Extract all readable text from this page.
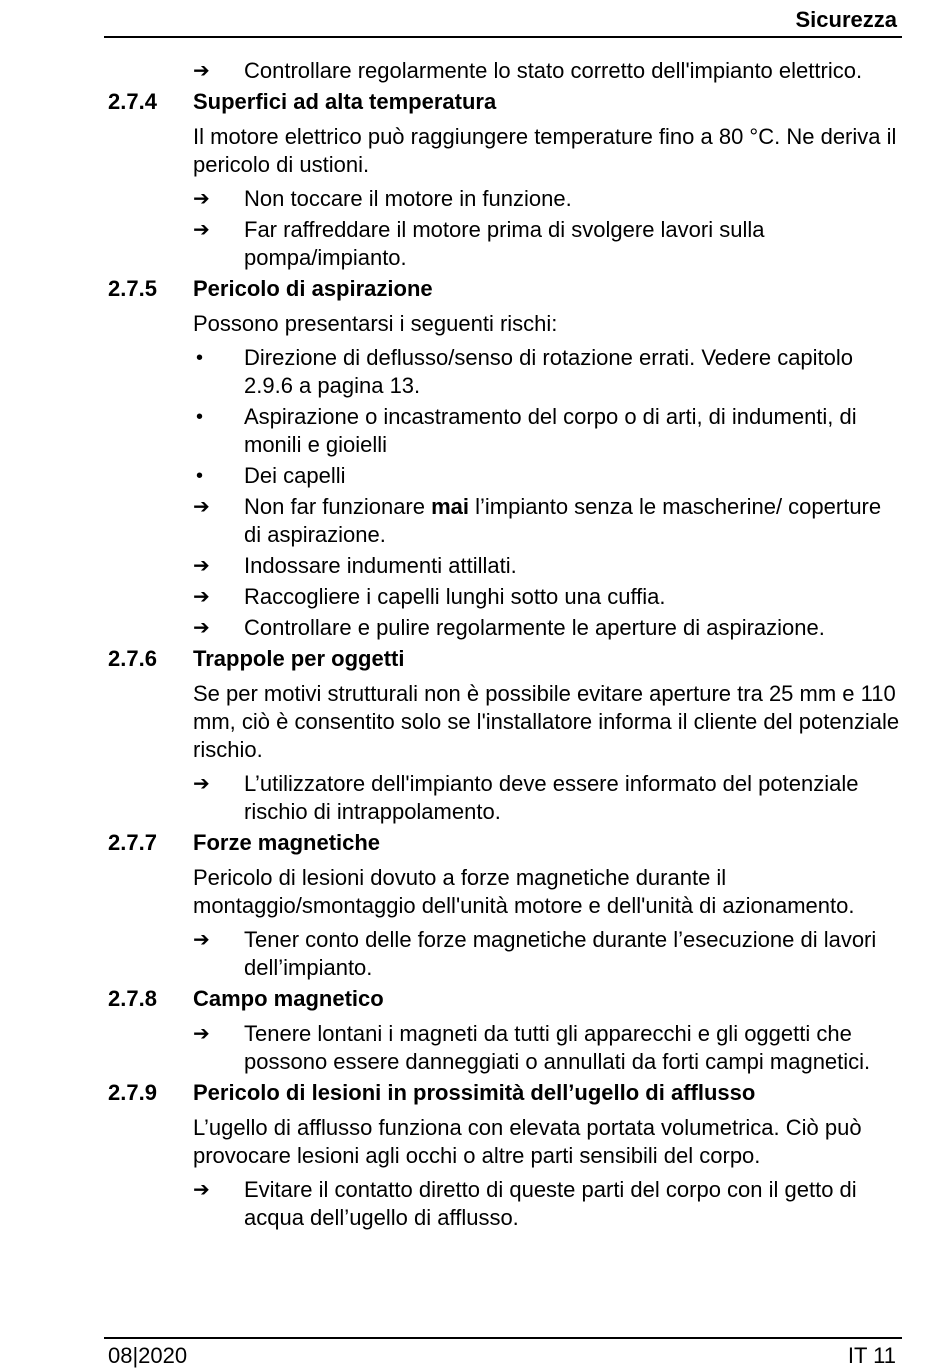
Sicurezza
➔	Controllare regolarmente lo stato corretto dell'impianto elettrico.
2.7.4 Superfici ad alta temperatura
Il motore elettrico può raggiungere temperature fino a 80 °C. Ne deriva il pericolo di ustioni.
➔	Non toccare il motore in funzione.
➔	Far raffreddare il motore prima di svolgere lavori sulla pompa/impianto.
2.7.5 Pericolo di aspirazione
Possono presentarsi i seguenti rischi:
•	Direzione di deflusso/senso di rotazione errati. Vedere capitolo 2.9.6 a pagina 13.
•	Aspirazione o incastramento del corpo o di arti, di indumenti, di monili e gioielli
•	Dei capelli
➔	Non far funzionare mai l’impianto senza le mascherine/ coperture di aspirazione.
➔	Indossare indumenti attillati.
➔	Raccogliere i capelli lunghi sotto una cuffia.
➔	Controllare e pulire regolarmente le aperture di aspirazione.
2.7.6 Trappole per oggetti
Se per motivi strutturali non è possibile evitare aperture tra 25 mm e 110 mm, ciò è consentito solo se l'installatore informa il cliente del potenziale rischio.
➔	L’utilizzatore dell'impianto deve essere informato del potenziale rischio di intrappolamento.
2.7.7 Forze magnetiche
Pericolo di lesioni dovuto a forze magnetiche durante il montaggio/smontaggio dell'unità motore e dell'unità di azionamento.
➔	Tener conto delle forze magnetiche durante l’esecuzione di lavori dell’impianto.
2.7.8 Campo magnetico
➔	Tenere lontani i magneti da tutti gli apparecchi e gli oggetti che possono essere danneggiati o annullati da forti campi magnetici.
2.7.9 Pericolo di lesioni in prossimità dell’ugello di afflusso
L’ugello di afflusso funziona con elevata portata volumetrica. Ciò può provocare lesioni agli occhi o altre parti sensibili del corpo.
➔	Evitare il contatto diretto di queste parti del corpo con il getto di acqua dell’ugello di afflusso.
08|2020	IT 11
